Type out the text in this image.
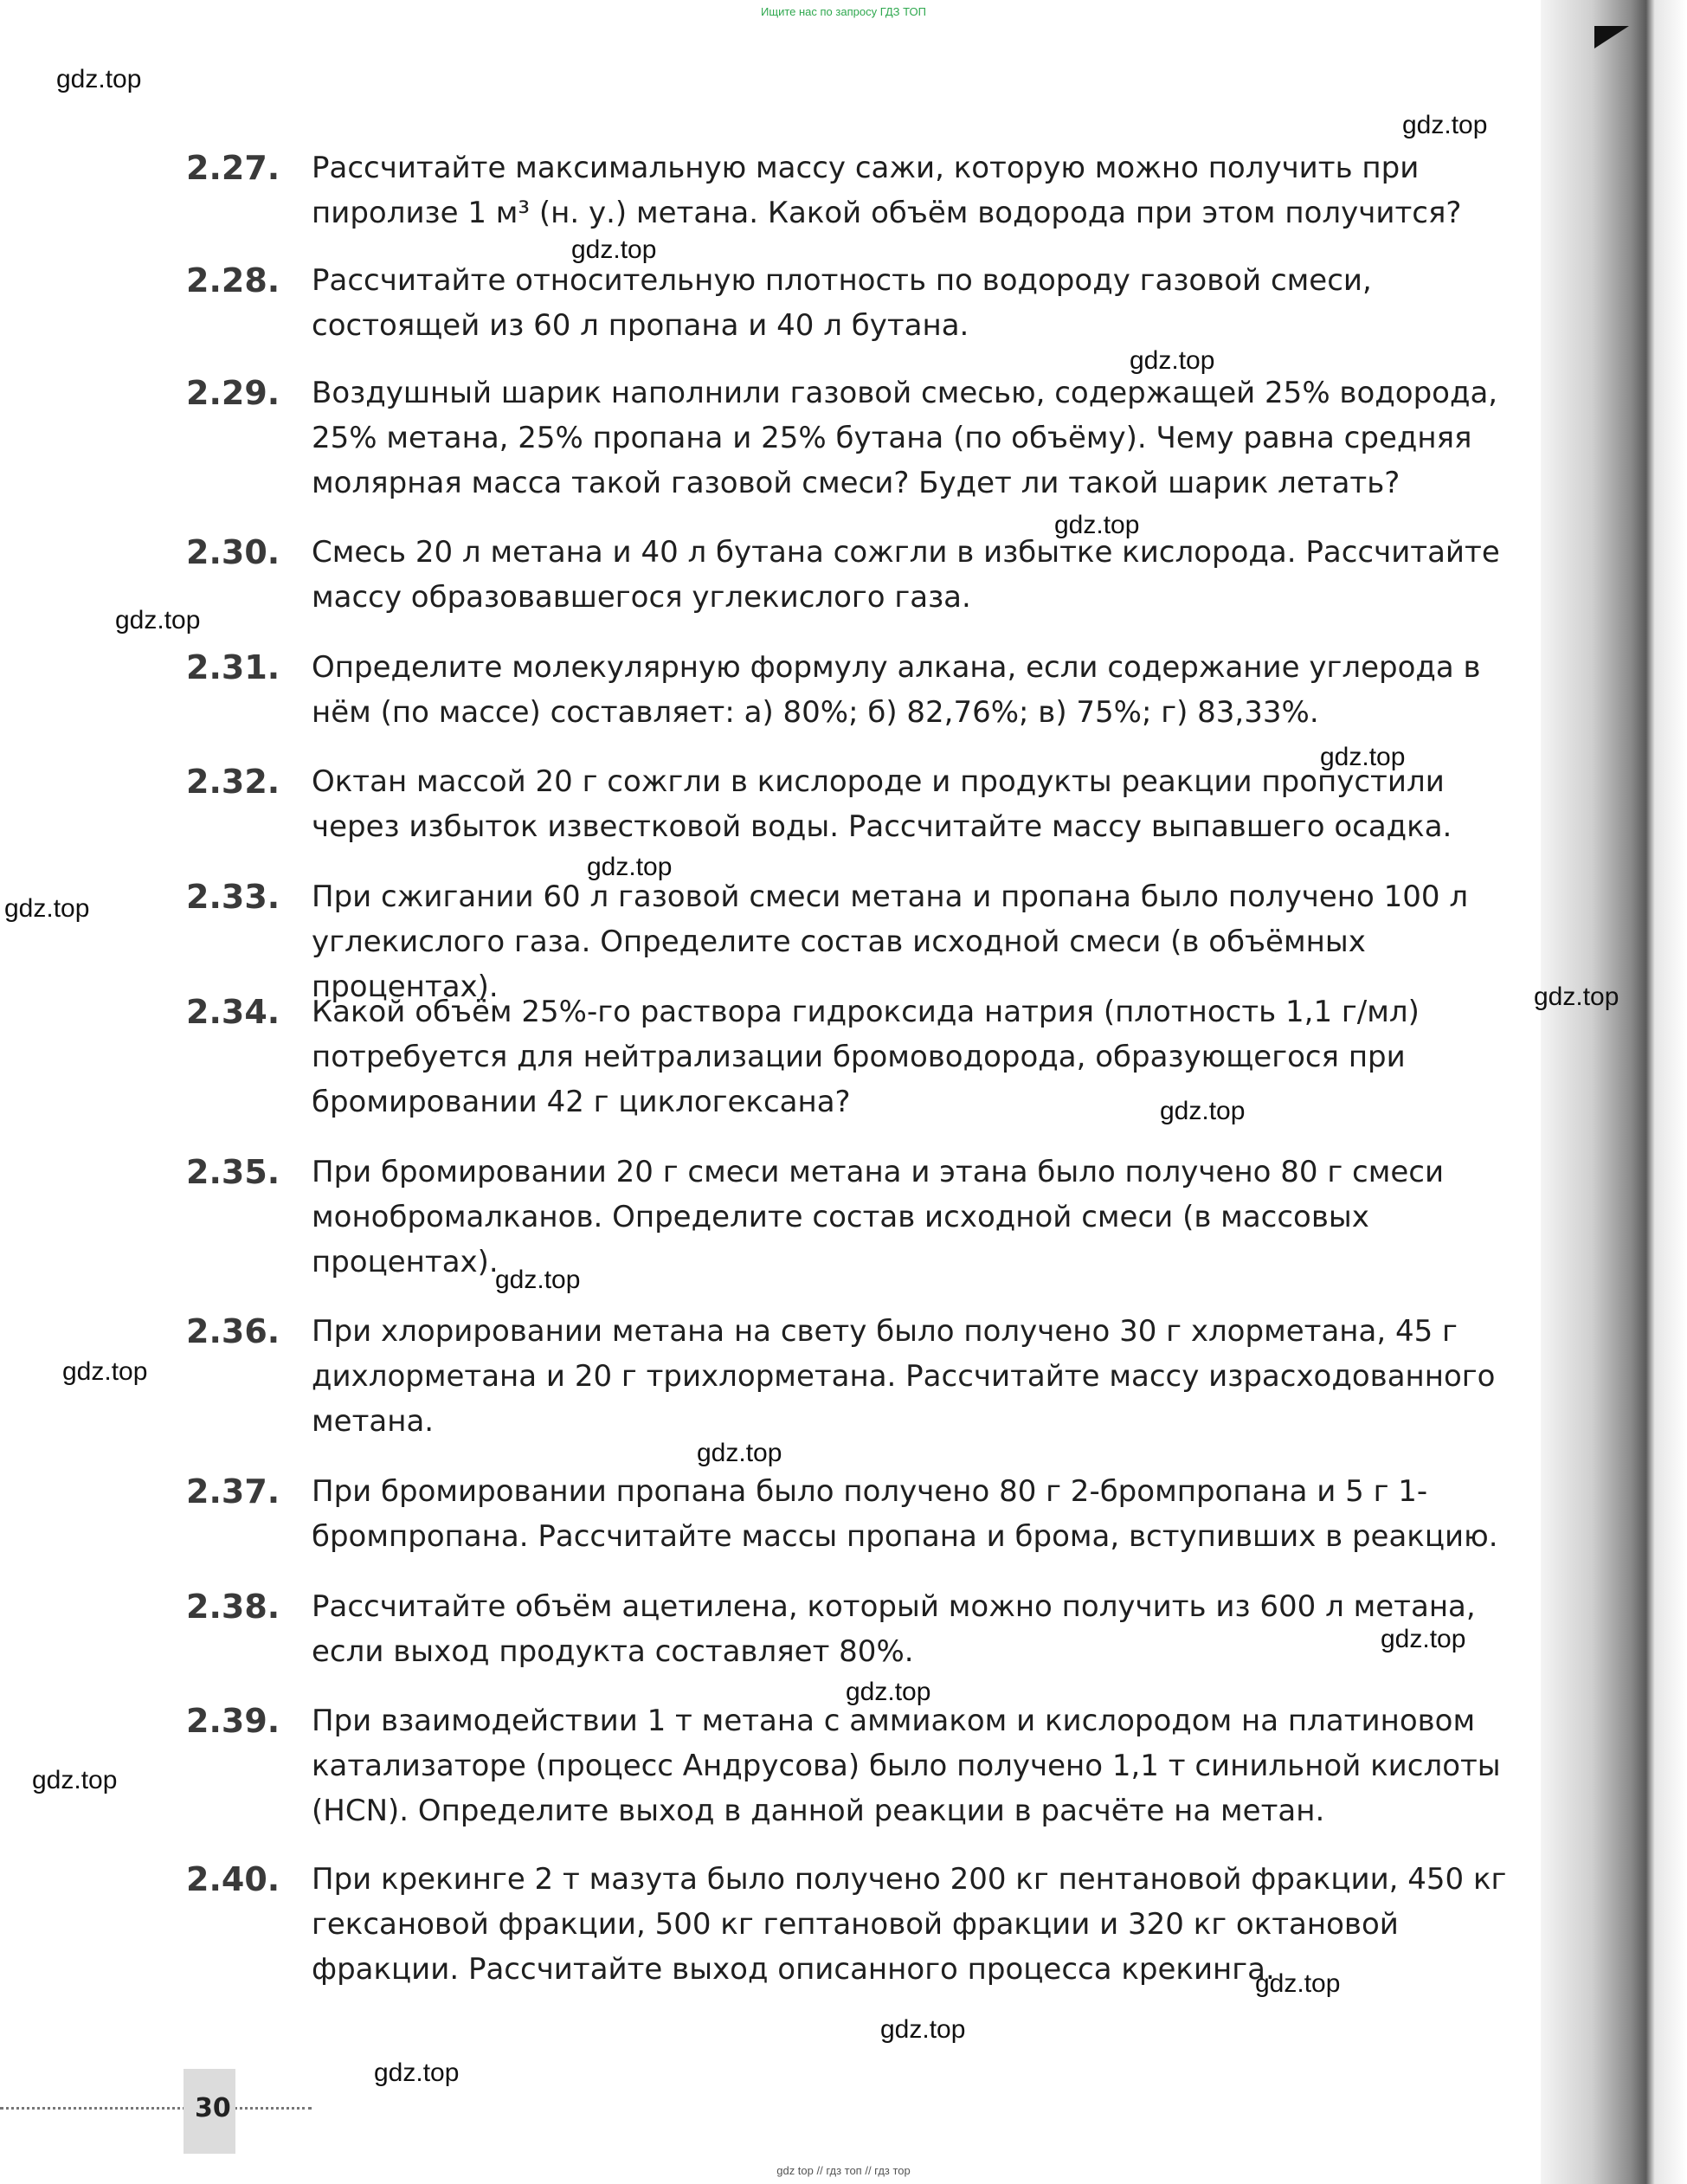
Ищите нас по запросу ГДЗ ТОП
gdz.top
gdz.top
gdz.top
gdz.top
gdz.top
gdz.top
gdz.top
gdz.top
gdz.top
gdz.top
gdz.top
gdz.top
gdz.top
gdz.top
gdz.top
gdz.top
gdz.top
gdz.top
gdz.top
gdz.top
2.27. Рассчитайте максимальную массу сажи, которую можно получить при пиролизе 1 м³ (н. у.) метана. Какой объём водорода при этом получится?
2.28. Рассчитайте относительную плотность по водороду газовой смеси, состоящей из 60 л пропана и 40 л бутана.
2.29. Воздушный шарик наполнили газовой смесью, содержащей 25% водорода, 25% метана, 25% пропана и 25% бутана (по объёму). Чему равна средняя молярная масса такой газовой смеси? Будет ли такой шарик летать?
2.30. Смесь 20 л метана и 40 л бутана сожгли в избытке кислорода. Рассчитайте массу образовавшегося углекислого газа.
2.31. Определите молекулярную формулу алкана, если содержание углерода в нём (по массе) составляет: а) 80%; б) 82,76%; в) 75%; г) 83,33%.
2.32. Октан массой 20 г сожгли в кислороде и продукты реакции пропустили через избыток известковой воды. Рассчитайте массу выпавшего осадка.
2.33. При сжигании 60 л газовой смеси метана и пропана было получено 100 л углекислого газа. Определите состав исходной смеси (в объёмных процентах).
2.34. Какой объём 25%-го раствора гидроксида натрия (плотность 1,1 г/мл) потребуется для нейтрализации бромоводорода, образующегося при бромировании 42 г циклогексана?
2.35. При бромировании 20 г смеси метана и этана было получено 80 г смеси монобромалканов. Определите состав исходной смеси (в массовых процентах).
2.36. При хлорировании метана на свету было получено 30 г хлорметана, 45 г дихлорметана и 20 г трихлорметана. Рассчитайте массу израсходованного метана.
2.37. При бромировании пропана было получено 80 г 2-бромпропана и 5 г 1-бромпропана. Рассчитайте массы пропана и брома, вступивших в реакцию.
2.38. Рассчитайте объём ацетилена, который можно получить из 600 л метана, если выход продукта составляет 80%.
2.39. При взаимодействии 1 т метана с аммиаком и кислородом на платиновом катализаторе (процесс Андрусова) было получено 1,1 т синильной кислоты (HCN). Определите выход в данной реакции в расчёте на метан.
2.40. При крекинге 2 т мазута было получено 200 кг пентановой фракции, 450 кг гексановой фракции, 500 кг гептановой фракции и 320 кг октановой фракции. Рассчитайте выход описанного процесса крекинга.
30
gdz top // гдз топ // гдз тор
